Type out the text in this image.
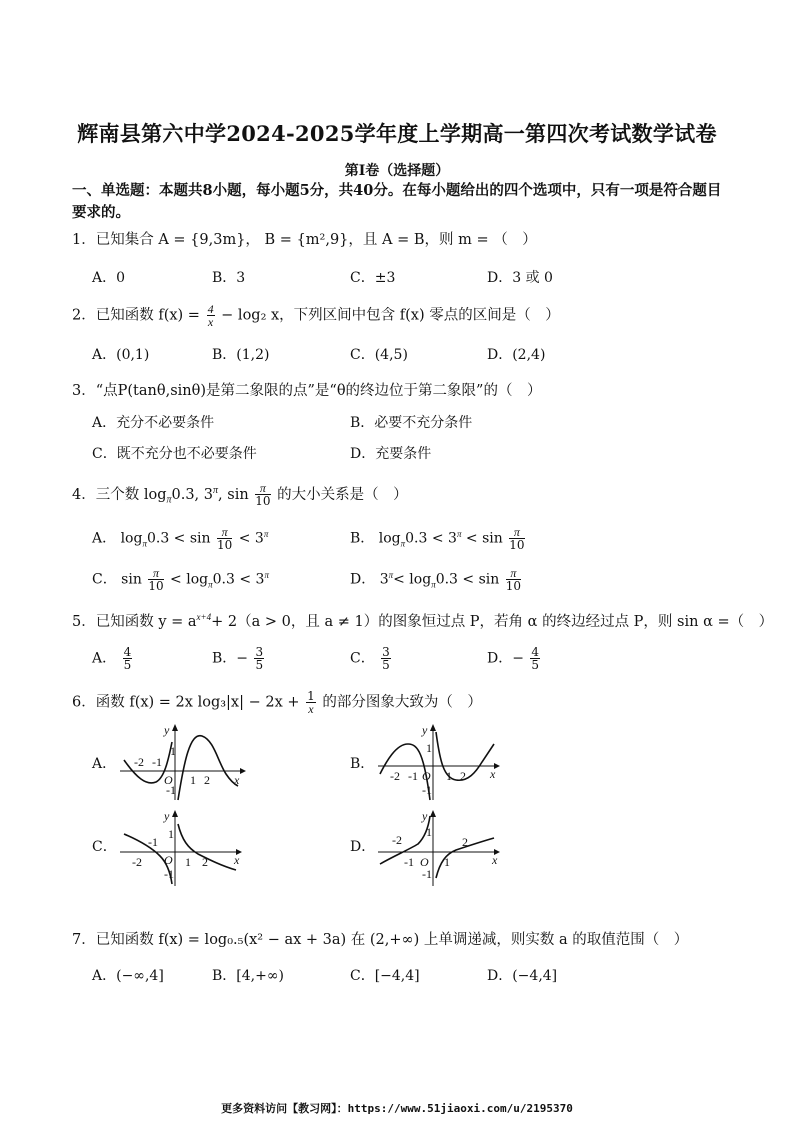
辉南县第六中学2024-2025学年度上学期高一第四次考试数学试卷
第Ⅰ卷（选择题）
一、单选题：本题共8小题，每小题5分，共40分。在每小题给出的四个选项中，只有一项是符合题目要求的。
1．已知集合 A = {9,3m}， B = {m²,9}，且 A = B，则 m = （　）
A．0	B．3	C．±3	D．3 或 0
2．已知函数 $f(x) = \frac{4}{x} - \log_2$ x，下列区间中包含 f(x) 零点的区间是（　）
A．(0,1)	B．(1,2)	C．(4,5)	D．(2,4)
3．“点P(tanθ,sinθ)是第二象限的点”是“θ的终边位于第二象限”的（　）
A．充分不必要条件	B．必要不充分条件
C．既不充分也不必要条件	D．充要条件
4．三个数 $\log_\pi 0.3$, $3^\pi$, $\sin \frac{\pi}{10}$ 的大小关系是（　）
A． $\log_\pi 0.3 < \sin \frac{\pi}{10} < 3^\pi$	B． $\log_\pi 0.3 < 3^\pi < \sin \frac{\pi}{10}$
C． $\sin \frac{\pi}{10} < \log_\pi 0.3 < 3^\pi$	D． $3^\pi< \log_\pi 0.3 < \sin \frac{\pi}{10}$
5．已知函数 $y = a^{x+4}+ 2(a > 0$，且 a ≠ 1）的图象恒过点 P，若角 α 的终边经过点 P，则 sin α =（　）
A． $\frac{4}{5}$	B．− $\frac{3}{5}$	C． $\frac{3}{5}$	D．− $\frac{4}{5}$
6．函数 f(x) = 2x $\log_3|x| - 2x + \frac{1}{x}$ 的部分图象大致为（　）
A．	B．
C．	D．
-2 -1
1 2
O
1
-1
y
x	-2 -1 1 2
O
1
-1
y
x
-2
-1
1 2
O
1
-1
y
x
-2
-1	1
2
O
1
-1
y
x
7．已知函数 f(x) = log₀.₅(x² − ax + 3a) 在 (2,+∞) 上单调递减，则实数 a 的取值范围（　）
A．(−∞,4]	B．[4,+∞)	C．[−4,4]	D．(−4,4]
更多资料访问【教习网】：https://www.51jiaoxi.com/u/2195370
